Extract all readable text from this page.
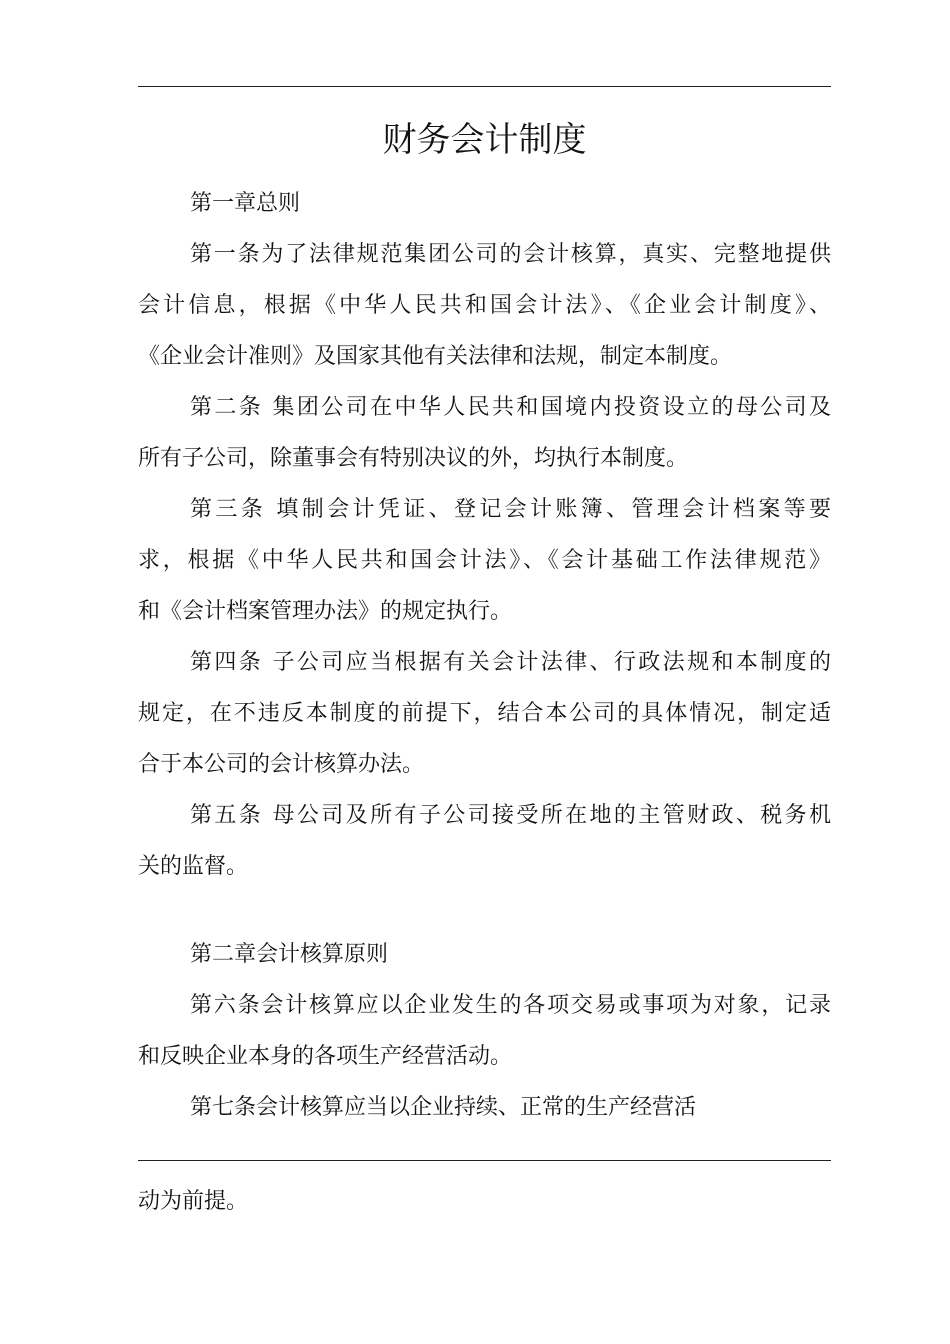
财务会计制度
第一章总则
第一条为了法律规范集团公司的会计核算，真实、完整地提供
会计信息，根据《中华人民共和国会计法》、《企业会计制度》、
《企业会计准则》及国家其他有关法律和法规，制定本制度。
第二条 集团公司在中华人民共和国境内投资设立的母公司及
所有子公司，除董事会有特别决议的外，均执行本制度。
第三条 填制会计凭证、登记会计账簿、管理会计档案等要
求，根据《中华人民共和国会计法》、《会计基础工作法律规范》
和《会计档案管理办法》的规定执行。
第四条 子公司应当根据有关会计法律、行政法规和本制度的
规定，在不违反本制度的前提下，结合本公司的具体情况，制定适
合于本公司的会计核算办法。
第五条 母公司及所有子公司接受所在地的主管财政、税务机
关的监督。
第二章会计核算原则
第六条会计核算应以企业发生的各项交易或事项为对象，记录
和反映企业本身的各项生产经营活动。
第七条会计核算应当以企业持续、正常的生产经营活
动为前提。
